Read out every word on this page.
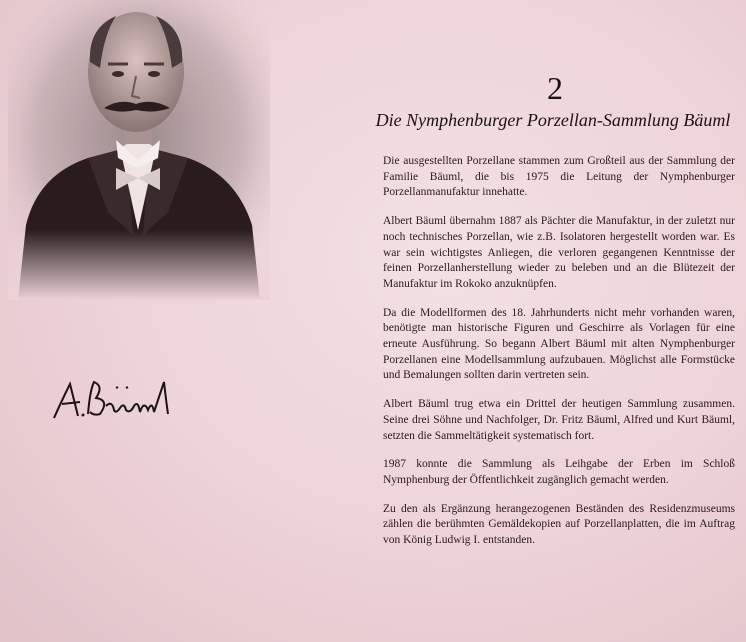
2
Die Nymphenburger Porzellan-Sammlung Bäuml

Die ausgestellten Porzellane stammen zum Großteil aus der Sammlung der Familie Bäuml, die bis 1975 die Leitung der Nymphenburger Porzellanmanufaktur innehatte.

Albert Bäuml übernahm 1887 als Pächter die Manufaktur, in der zuletzt nur noch technisches Porzellan, wie z.B. Isolatoren hergestellt worden war. Es war sein wichtigstes Anliegen, die verloren gegangenen Kenntnisse der feinen Porzellanherstellung wieder zu beleben und an die Blütezeit der Manufaktur im Rokoko anzuknüpfen.

Da die Modellformen des 18. Jahrhunderts nicht mehr vorhanden waren, benötigte man historische Figuren und Geschirre als Vorlagen für eine erneute Ausführung. So begann Albert Bäuml mit alten Nymphenburger Porzellanen eine Modellsammlung aufzubauen. Möglichst alle Formstücke und Bemalungen sollten darin vertreten sein.

Albert Bäuml trug etwa ein Drittel der heutigen Sammlung zusammen. Seine drei Söhne und Nachfolger, Dr. Fritz Bäuml, Alfred und Kurt Bäuml, setzten die Sammeltätigkeit systematisch fort.

1987 konnte die Sammlung als Leihgabe der Erben im Schloß Nymphenburg der Öffentlichkeit zugänglich gemacht werden.

Zu den als Ergänzung herangezogenen Beständen des Residenzmuseums zählen die berühmten Gemäldekopien auf Porzellanplatten, die im Auftrag von König Ludwig I. entstanden.
